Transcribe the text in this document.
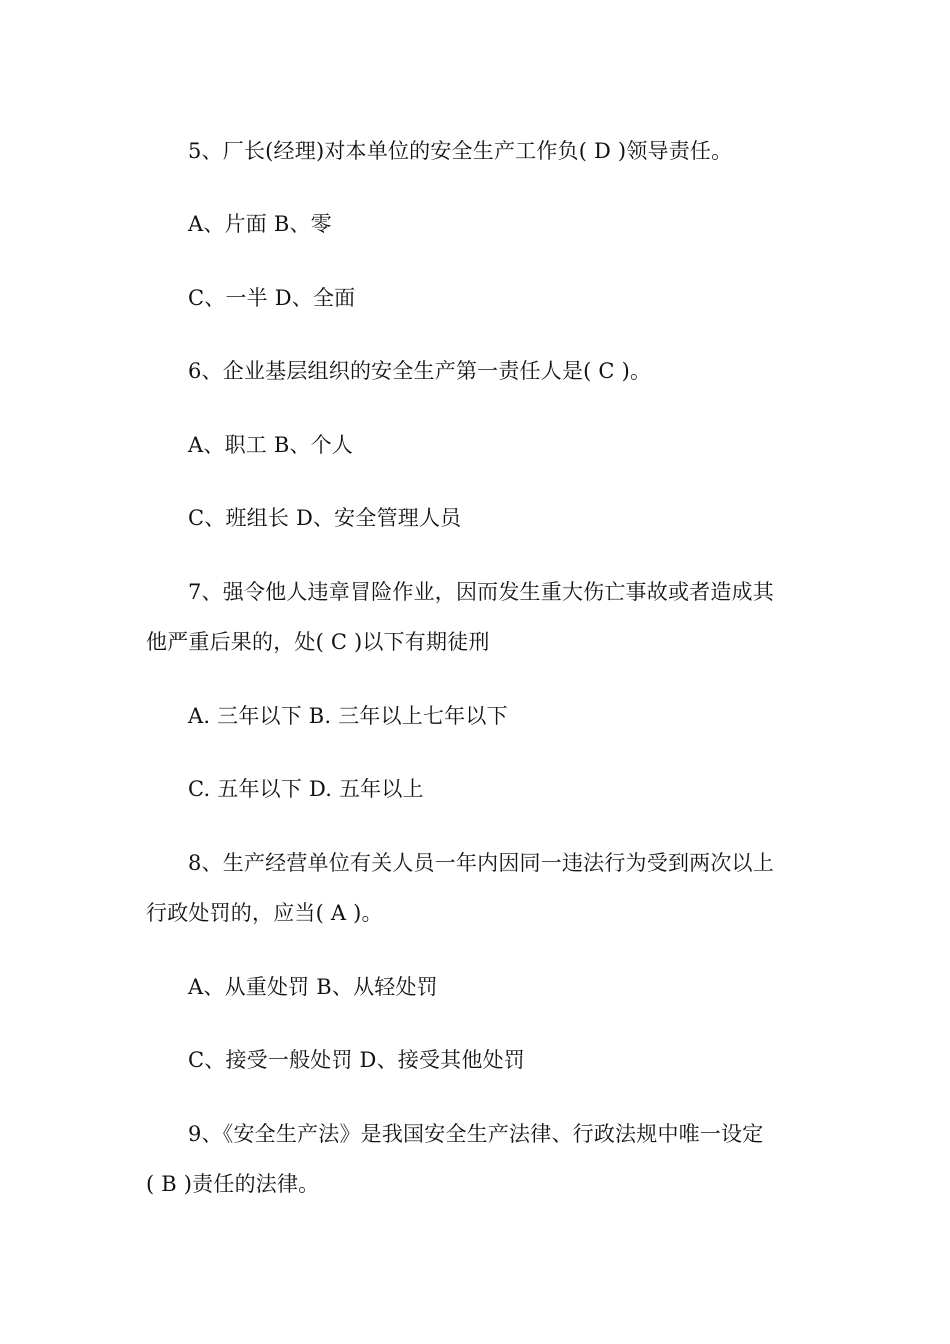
5、厂长(经理)对本单位的安全生产工作负( D )领导责任。
A、片面 B、零
C、一半 D、全面
6、企业基层组织的安全生产第一责任人是( C )。
A、职工 B、个人
C、班组长 D、安全管理人员
7、强令他人违章冒险作业，因而发生重大伤亡事故或者造成其
他严重后果的，处( C )以下有期徒刑
A. 三年以下 B. 三年以上七年以下
C. 五年以下 D. 五年以上
8、生产经营单位有关人员一年内因同一违法行为受到两次以上
行政处罚的，应当( A )。
A、从重处罚 B、从轻处罚
C、接受一般处罚 D、接受其他处罚
9、《安全生产法》是我国安全生产法律、行政法规中唯一设定
( B )责任的法律。
